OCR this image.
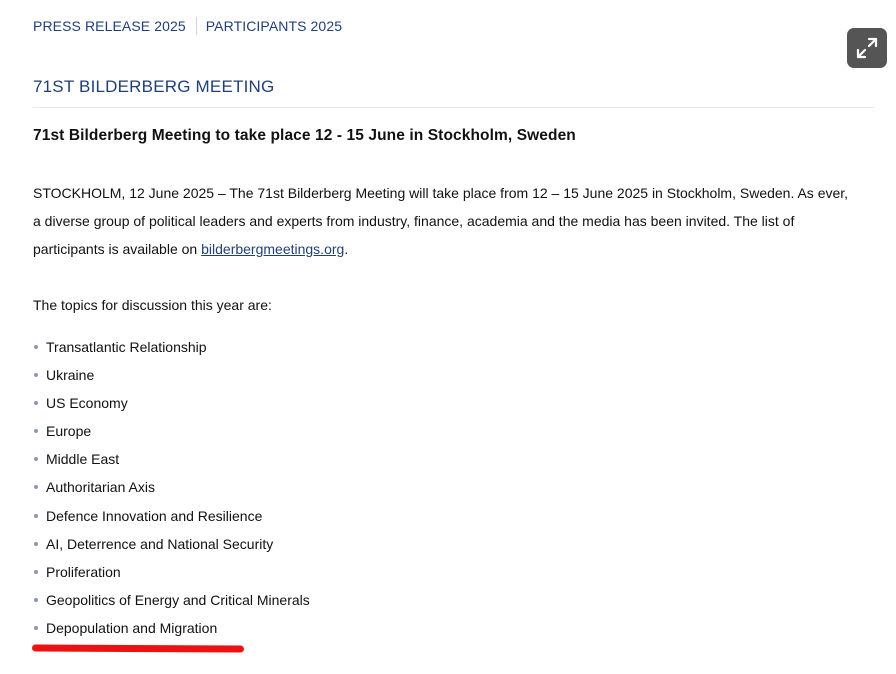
PRESS RELEASE 2025 PARTICIPANTS 2025
71ST BILDERBERG MEETING
71st Bilderberg Meeting to take place 12 - 15 June in Stockholm, Sweden

STOCKHOLM, 12 June 2025 – The 71st Bilderberg Meeting will take place from 12 – 15 June 2025 in Stockholm, Sweden. As ever, a diverse group of political leaders and experts from industry, finance, academia and the media has been invited. The list of participants is available on bilderbergmeetings.org.

The topics for discussion this year are:

Transatlantic Relationship
Ukraine
US Economy
Europe
Middle East
Authoritarian Axis
Defence Innovation and Resilience
AI, Deterrence and National Security
Proliferation
Geopolitics of Energy and Critical Minerals
Depopulation and Migration
